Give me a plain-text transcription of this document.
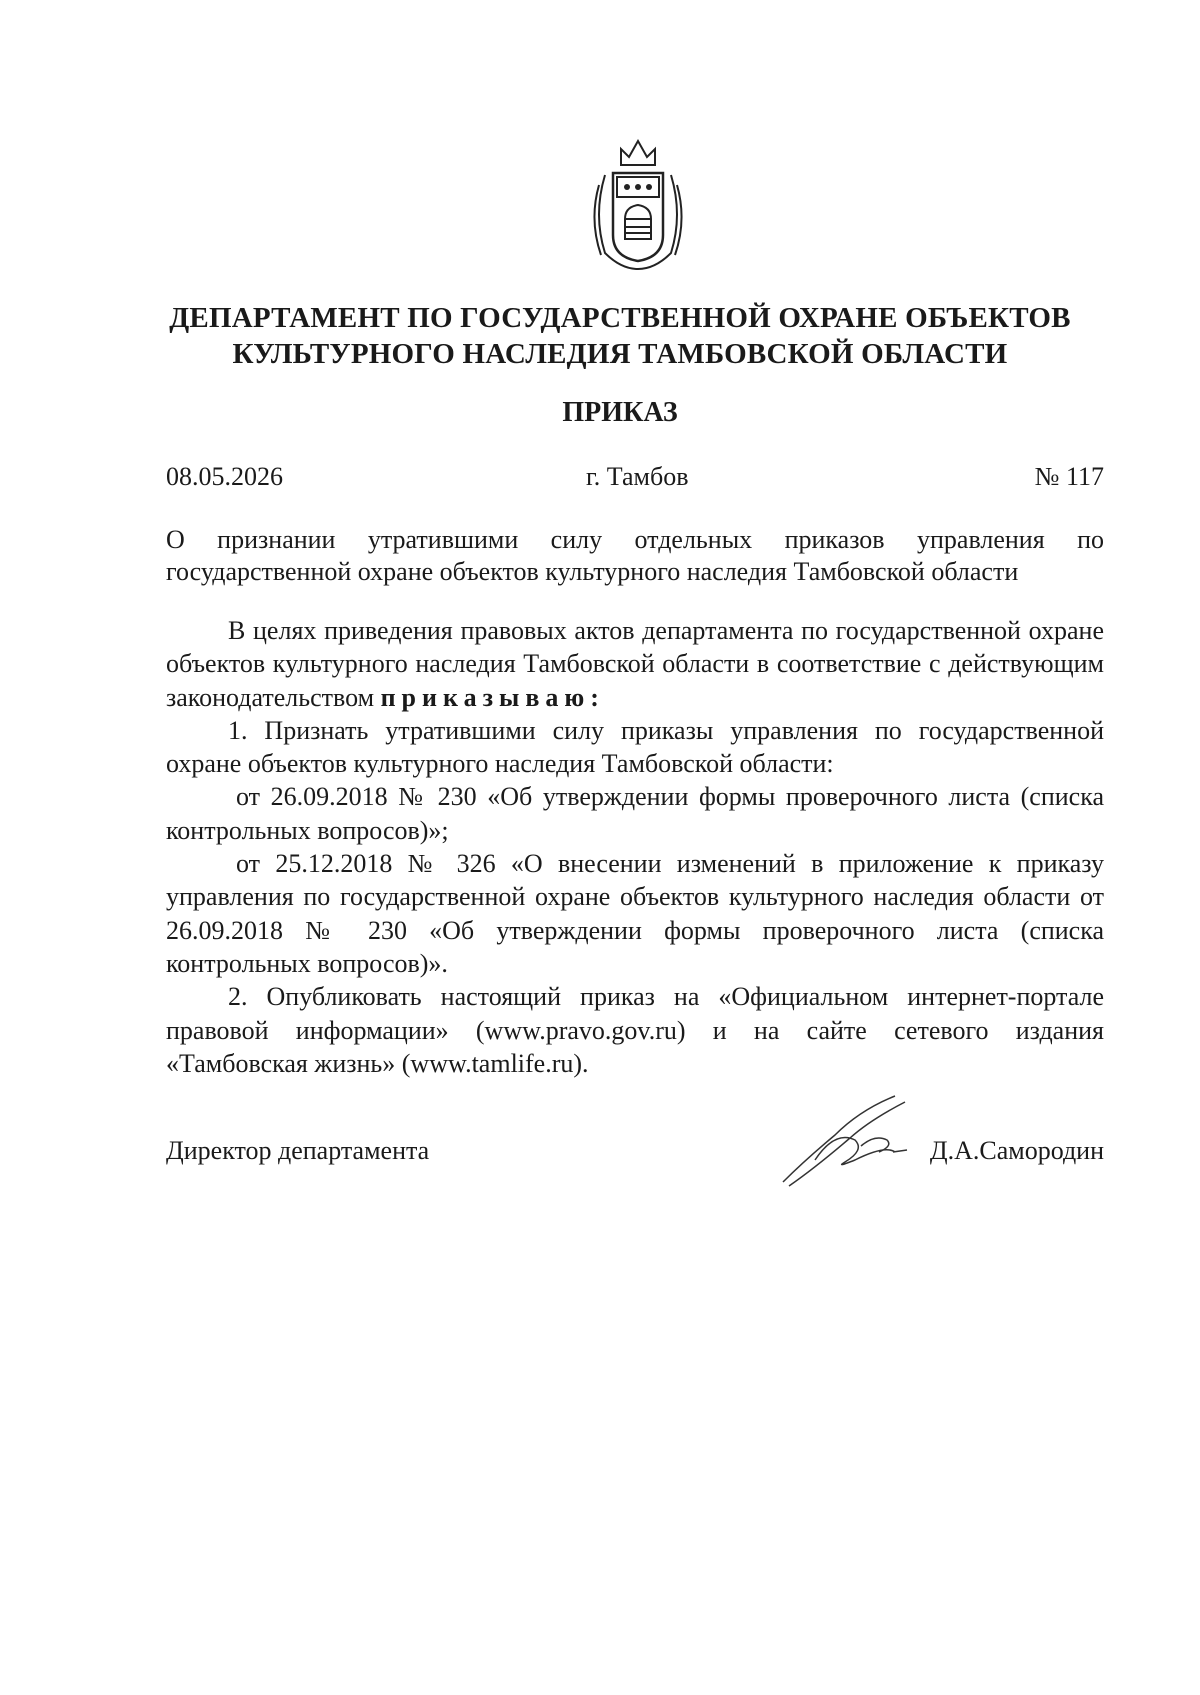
ДЕПАРТАМЕНТ ПО ГОСУДАРСТВЕННОЙ ОХРАНЕ ОБЪЕКТОВ
КУЛЬТУРНОГО НАСЛЕДИЯ ТАМБОВСКОЙ ОБЛАСТИ
ПРИКАЗ
08.05.2026	г. Тамбов	№ 117
О признании утратившими силу отдельных приказов управления по государственной охране объектов культурного наследия Тамбовской области

В целях приведения правовых актов департамента по государственной охране объектов культурного наследия Тамбовской области в соответствие с действующим законодательством приказываю:

1. Признать утратившими силу приказы управления по государственной охране объектов культурного наследия Тамбовской области:

от 26.09.2018 № 230 «Об утверждении формы проверочного листа (списка контрольных вопросов)»;

от 25.12.2018 № 326 «О внесении изменений в приложение к приказу управления по государственной охране объектов культурного наследия области от 26.09.2018 № 230 «Об утверждении формы проверочного листа (списка контрольных вопросов)».

2. Опубликовать настоящий приказ на «Официальном интернет-портале правовой информации» (www.pravo.gov.ru) и на сайте сетевого издания «Тамбовская жизнь» (www.tamlife.ru).

Директор департамента	Д.А.Самородин
